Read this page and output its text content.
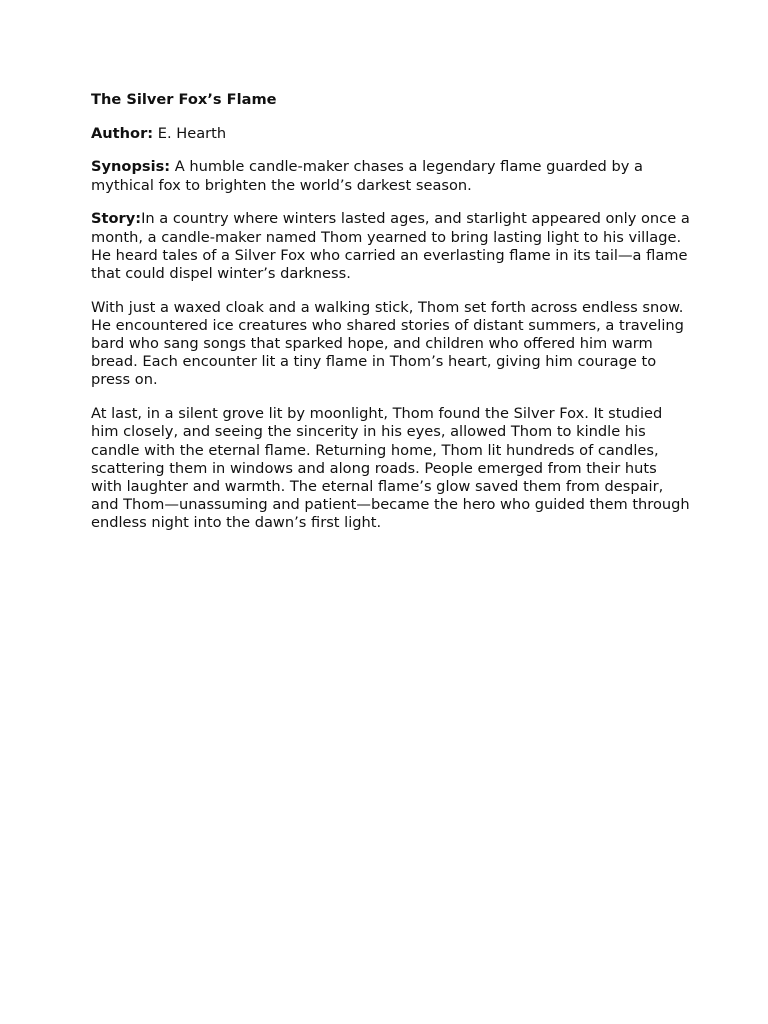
The Silver Fox’s Flame
Author: E. Hearth
Synopsis: A humble candle-maker chases a legendary flame guarded by a mythical fox to brighten the world’s darkest season.
Story:In a country where winters lasted ages, and starlight appeared only once a month, a candle-maker named Thom yearned to bring lasting light to his village. He heard tales of a Silver Fox who carried an everlasting flame in its tail—a flame that could dispel winter’s darkness.
With just a waxed cloak and a walking stick, Thom set forth across endless snow. He encountered ice creatures who shared stories of distant summers, a traveling bard who sang songs that sparked hope, and children who offered him warm bread. Each encounter lit a tiny flame in Thom’s heart, giving him courage to press on.
At last, in a silent grove lit by moonlight, Thom found the Silver Fox. It studied him closely, and seeing the sincerity in his eyes, allowed Thom to kindle his candle with the eternal flame. Returning home, Thom lit hundreds of candles, scattering them in windows and along roads. People emerged from their huts with laughter and warmth. The eternal flame’s glow saved them from despair, and Thom—unassuming and patient—became the hero who guided them through endless night into the dawn’s first light.
